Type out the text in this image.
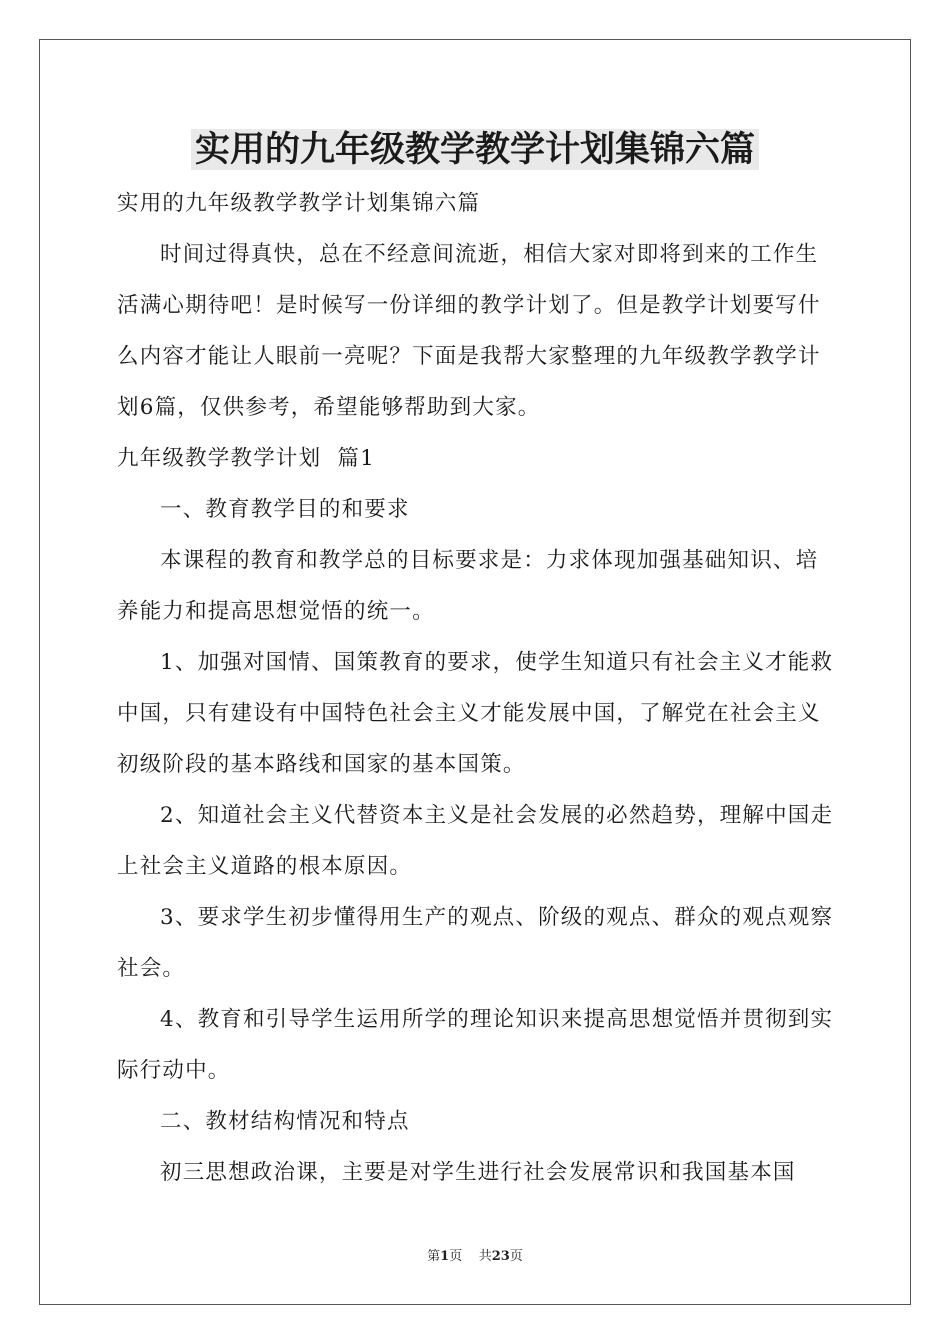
实用的九年级教学教学计划集锦六篇

实用的九年级教学教学计划集锦六篇

时间过得真快，总在不经意间流逝，相信大家对即将到来的工作生活满心期待吧！是时候写一份详细的教学计划了。但是教学计划要写什么内容才能让人眼前一亮呢？下面是我帮大家整理的九年级教学教学计划6篇，仅供参考，希望能够帮助到大家。

九年级教学教学计划  篇1

一、教育教学目的和要求

本课程的教育和教学总的目标要求是：力求体现加强基础知识、培养能力和提高思想觉悟的统一。

1、加强对国情、国策教育的要求，使学生知道只有社会主义才能救中国，只有建设有中国特色社会主义才能发展中国，了解党在社会主义初级阶段的基本路线和国家的基本国策。

2、知道社会主义代替资本主义是社会发展的必然趋势，理解中国走上社会主义道路的根本原因。

3、要求学生初步懂得用生产的观点、阶级的观点、群众的观点观察社会。

4、教育和引导学生运用所学的理论知识来提高思想觉悟并贯彻到实际行动中。

二、教材结构情况和特点

初三思想政治课，主要是对学生进行社会发展常识和我国基本国

第1页 共23页
